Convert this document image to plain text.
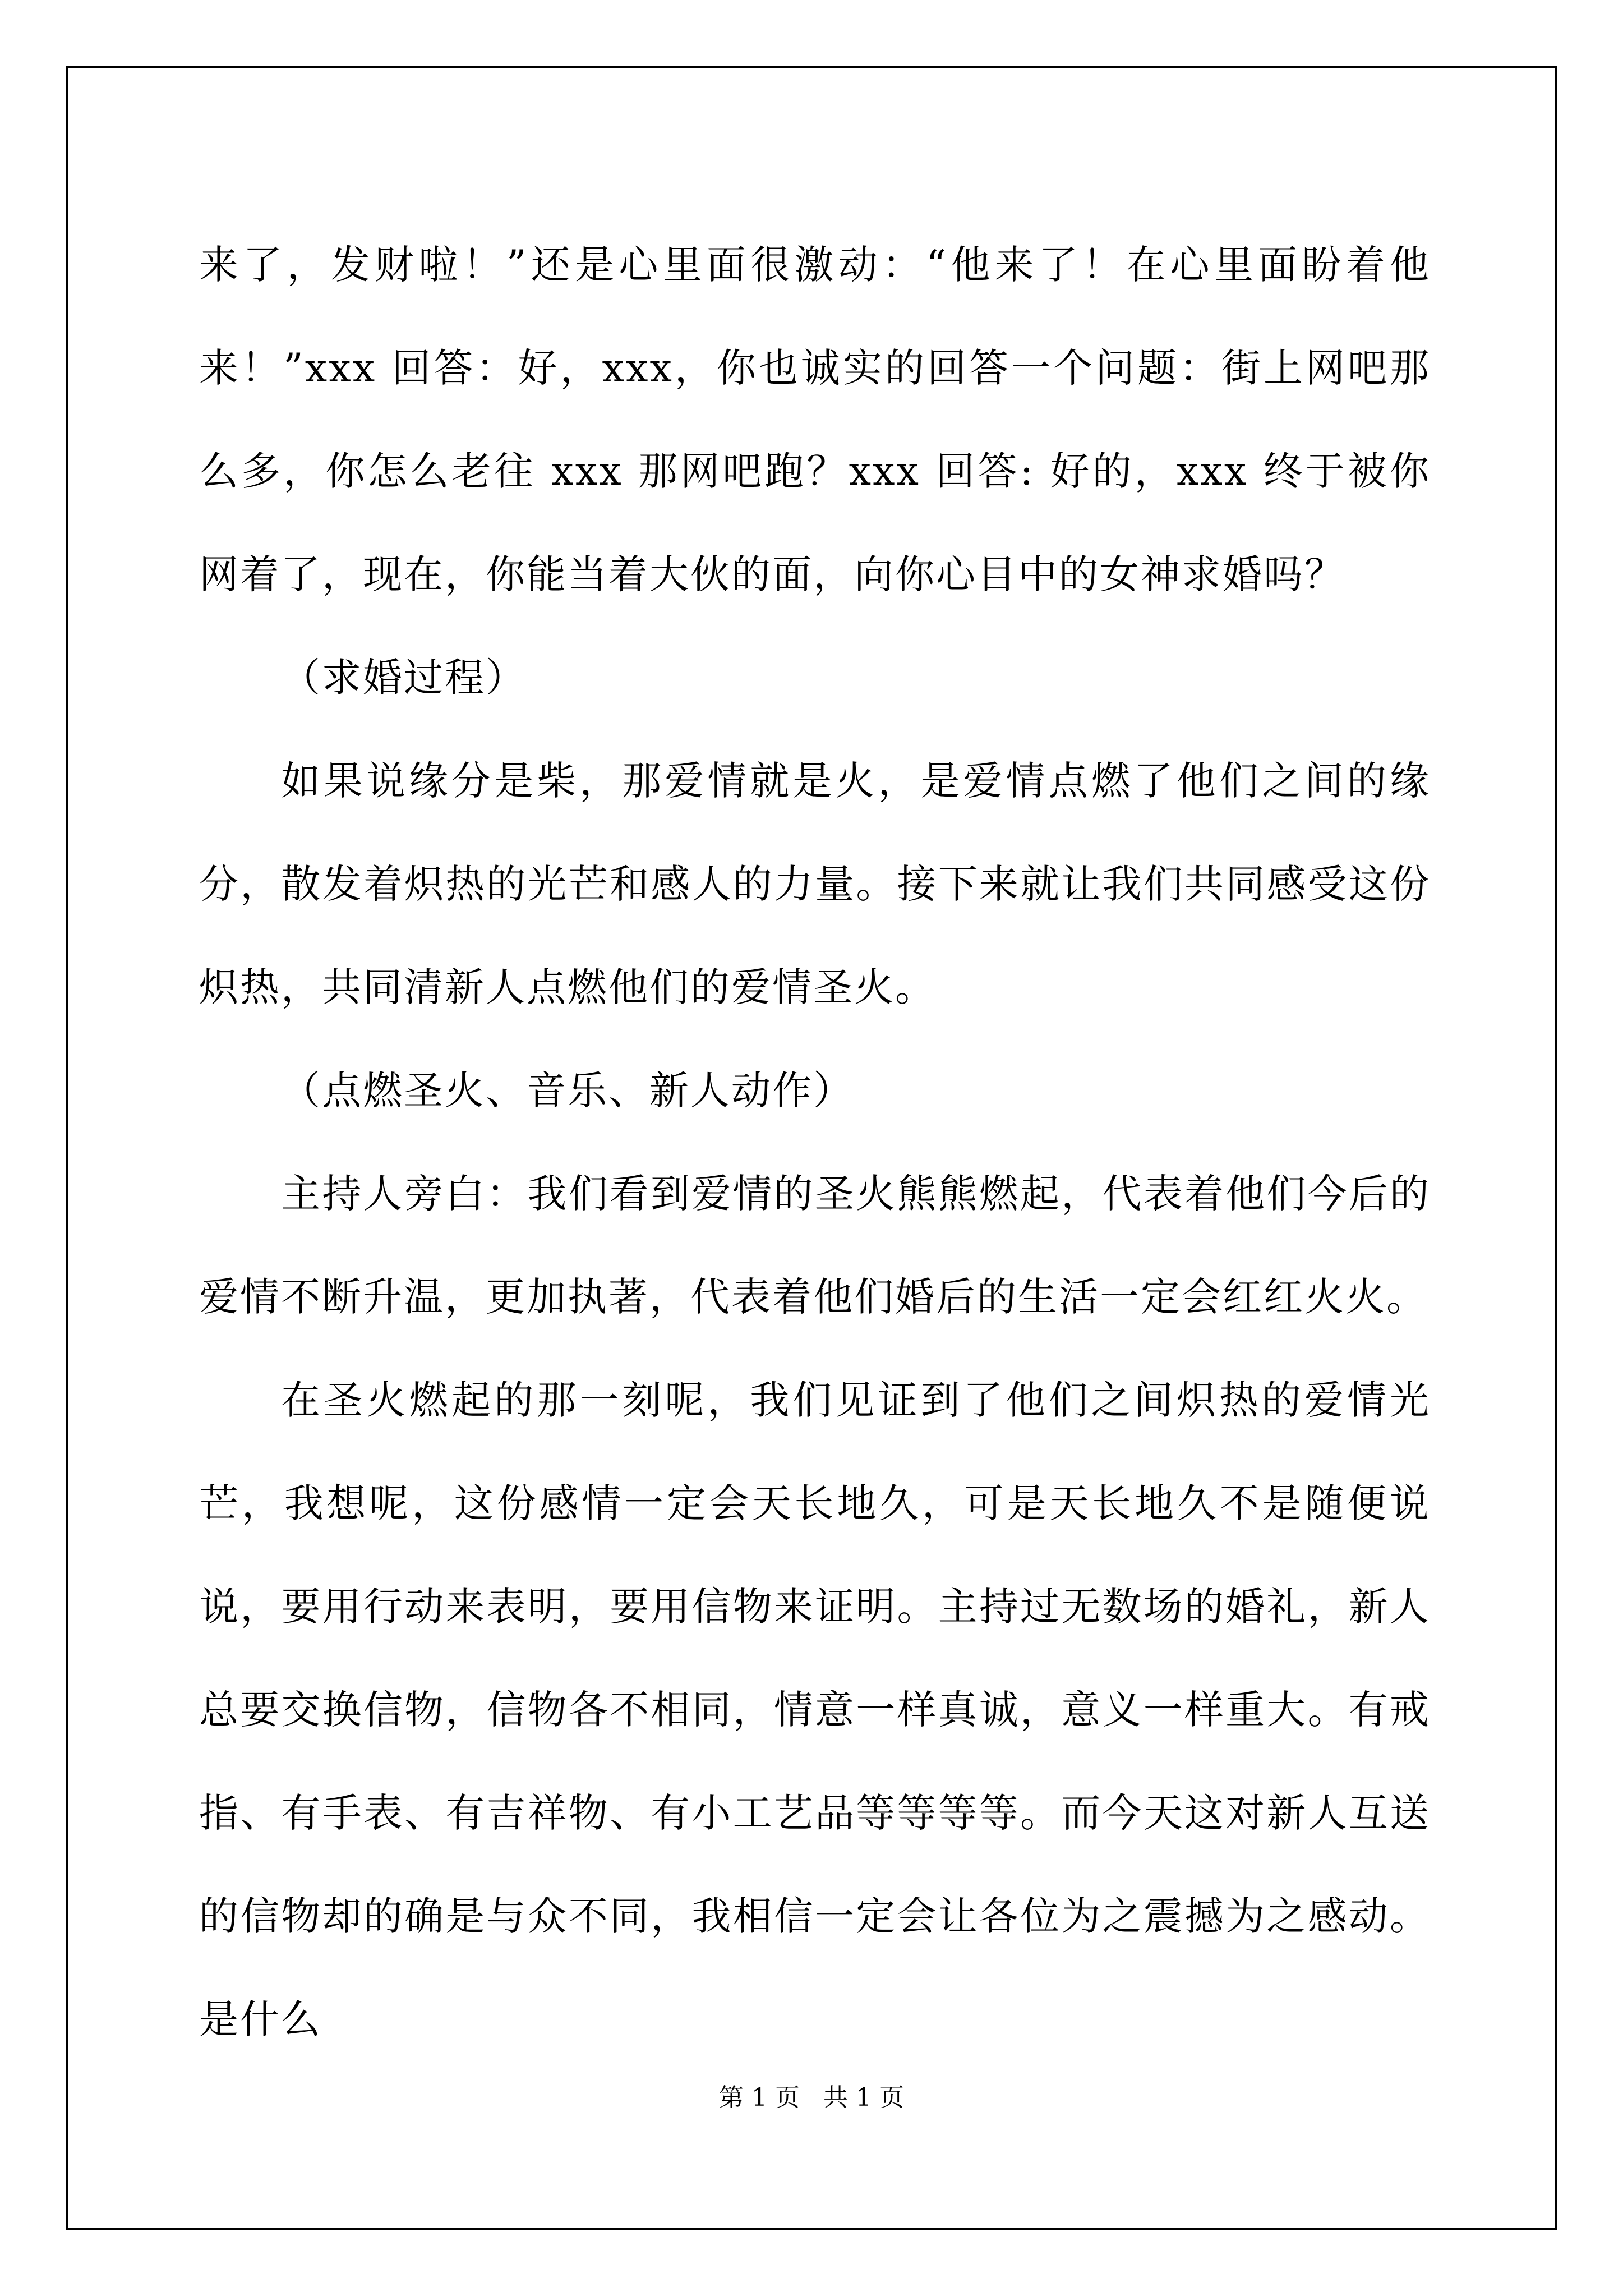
来了，发财啦！”还是心里面很激动：“他来了！在心里面盼着他来！”xxx 回答：好，xxx，你也诚实的回答一个问题：街上网吧那么多，你怎么老往 xxx 那网吧跑？xxx 回答: 好的，xxx 终于被你网着了，现在，你能当着大伙的面，向你心目中的女神求婚吗？

（求婚过程）

如果说缘分是柴，那爱情就是火，是爱情点燃了他们之间的缘分，散发着炽热的光芒和感人的力量。接下来就让我们共同感受这份炽热，共同清新人点燃他们的爱情圣火。

（点燃圣火、音乐、新人动作）

主持人旁白：我们看到爱情的圣火熊熊燃起，代表着他们今后的爱情不断升温，更加执著，代表着他们婚后的生活一定会红红火火。

在圣火燃起的那一刻呢，我们见证到了他们之间炽热的爱情光芒，我想呢，这份感情一定会天长地久，可是天长地久不是随便说说，要用行动来表明，要用信物来证明。主持过无数场的婚礼，新人总要交换信物，信物各不相同，情意一样真诚，意义一样重大。有戒指、有手表、有吉祥物、有小工艺品等等等等。而今天这对新人互送的信物却的确是与众不同，我相信一定会让各位为之震撼为之感动。是什么

第 1 页   共 1 页
